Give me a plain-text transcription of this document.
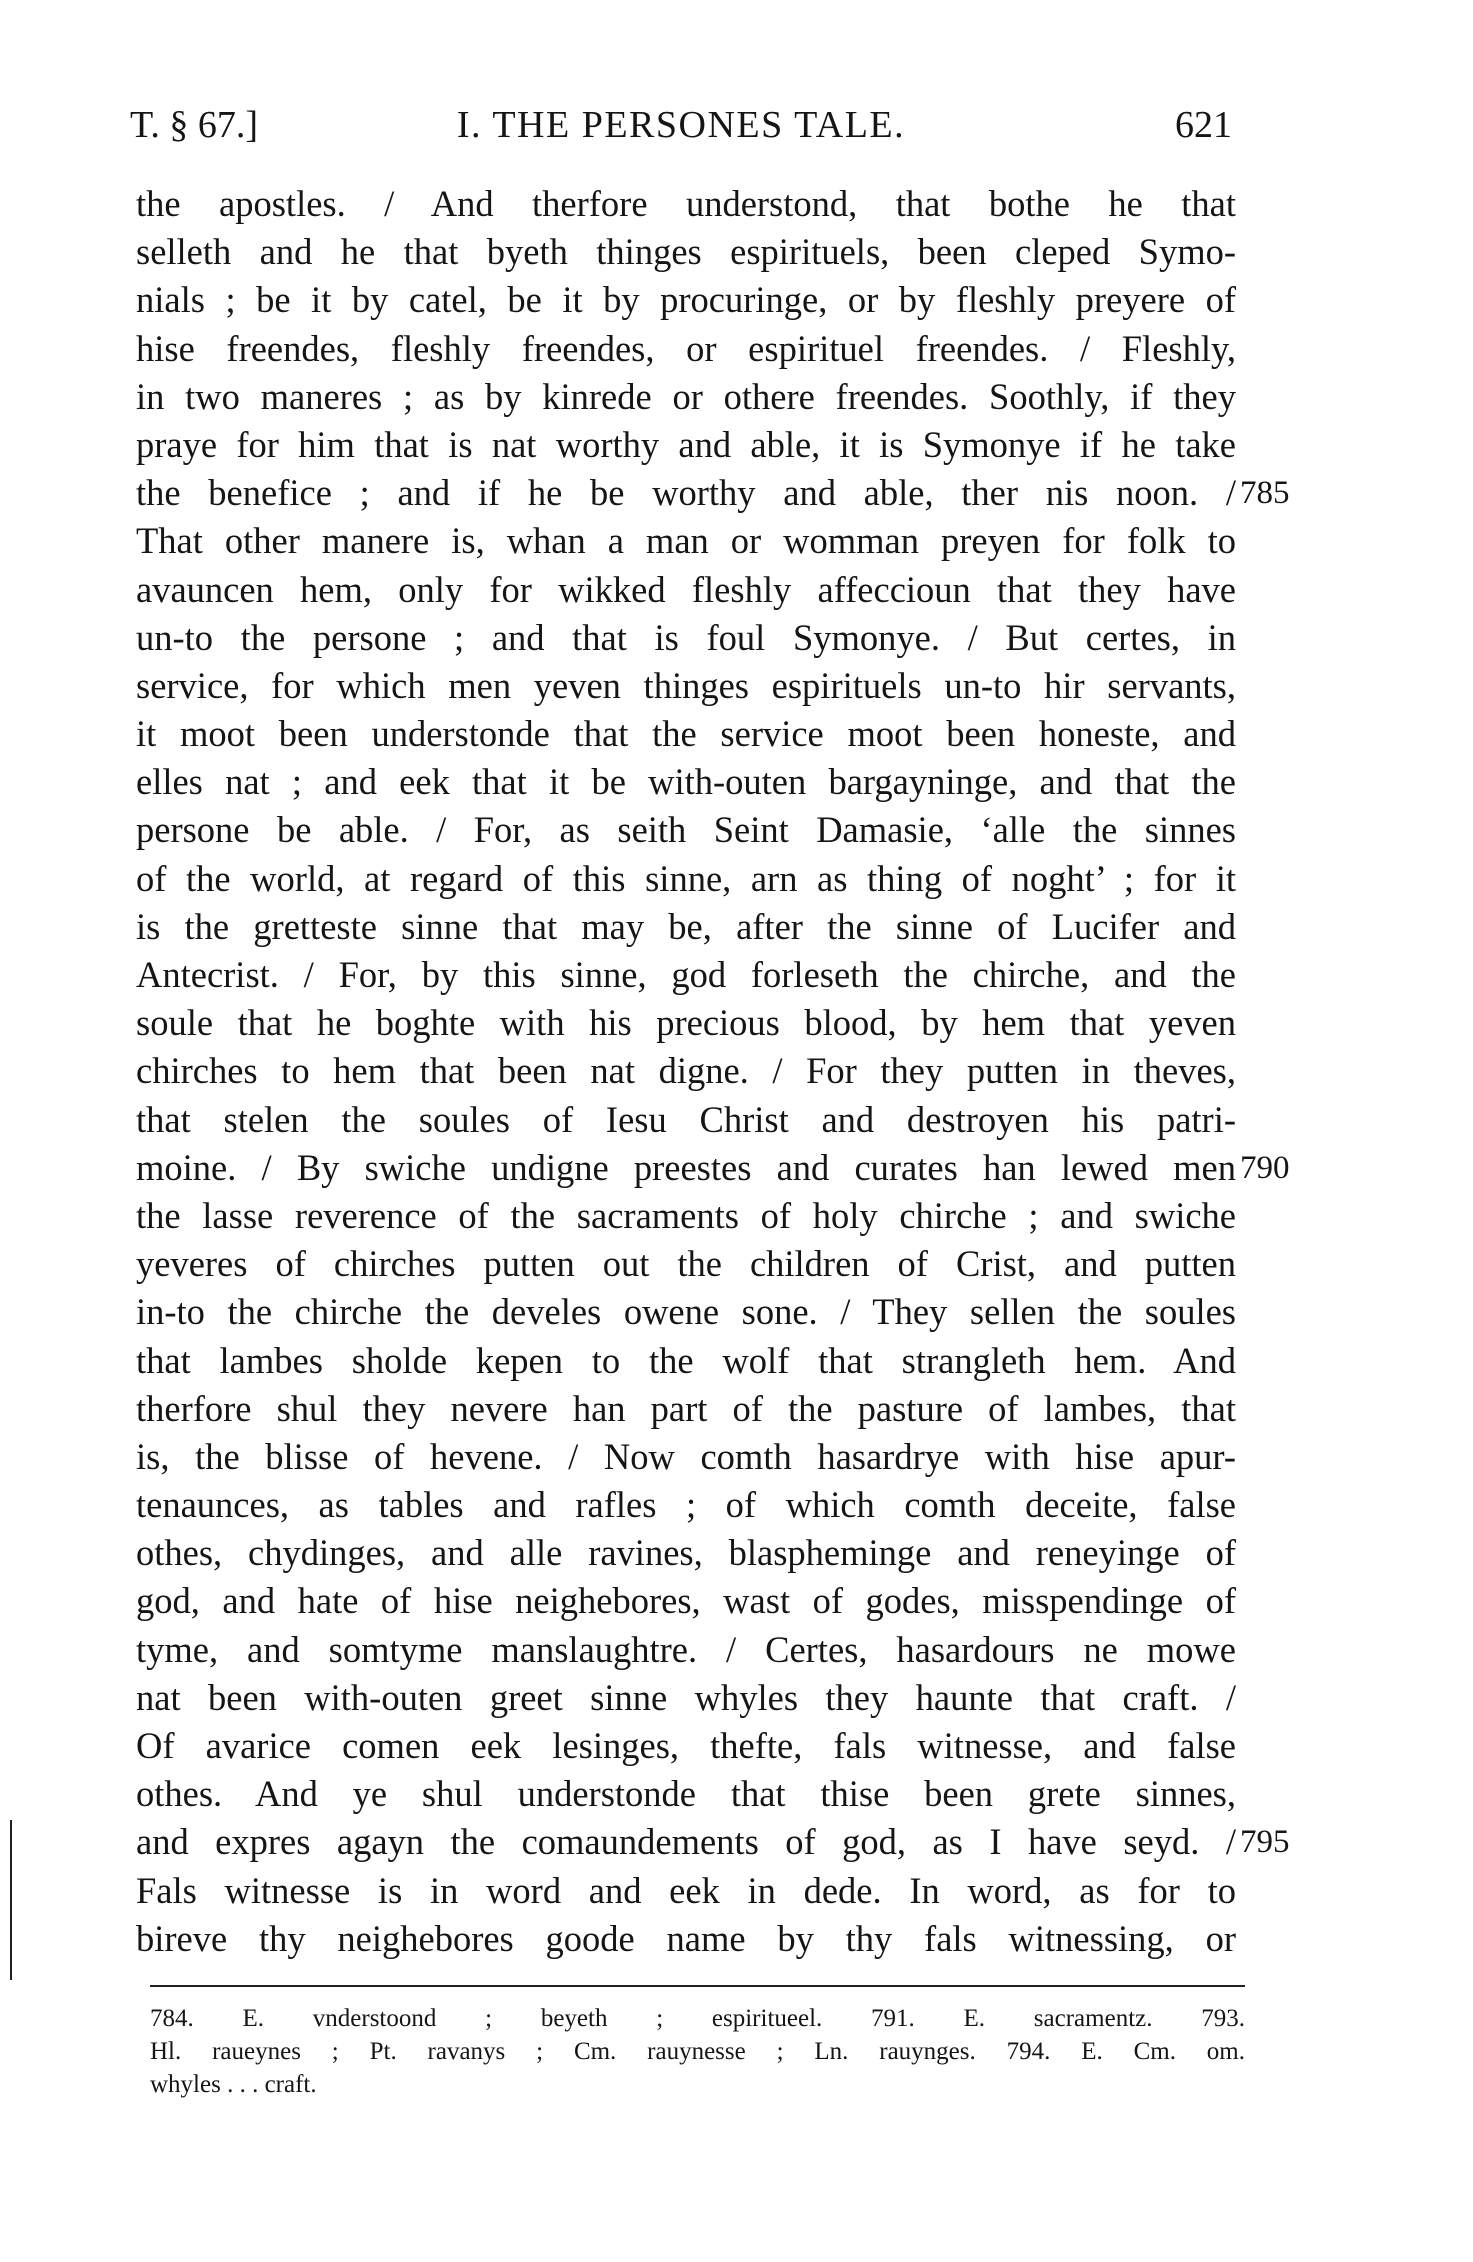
T. § 67.]	I. THE PERSONES TALE.	621
the apostles. / And therfore understond, that bothe he that
selleth and he that byeth thinges espirituels, been cleped Symo-
nials ; be it by catel, be it by procuringe, or by fleshly preyere of
hise freendes, fleshly freendes, or espirituel freendes. / Fleshly,
in two maneres ; as by kinrede or othere freendes. Soothly, if they
praye for him that is nat worthy and able, it is Symonye if he take
the benefice ; and if he be worthy and able, ther nis noon. / 785
That other manere is, whan a man or womman preyen for folk to
avauncen hem, only for wikked fleshly affeccioun that they have
un-to the persone ; and that is foul Symonye. / But certes, in
service, for which men yeven thinges espirituels un-to hir servants,
it moot been understonde that the service moot been honeste, and
elles nat ; and eek that it be with-outen bargayninge, and that the
persone be able. / For, as seith Seint Damasie, ‘alle the sinnes
of the world, at regard of this sinne, arn as thing of noght’ ; for it
is the gretteste sinne that may be, after the sinne of Lucifer and
Antecrist. / For, by this sinne, god forleseth the chirche, and the
soule that he boghte with his precious blood, by hem that yeven
chirches to hem that been nat digne. / For they putten in theves,
that stelen the soules of Iesu Christ and destroyen his patri-
moine. / By swiche undigne preestes and curates han lewed men 790
the lasse reverence of the sacraments of holy chirche ; and swiche
yeveres of chirches putten out the children of Crist, and putten
in-to the chirche the develes owene sone. / They sellen the soules
that lambes sholde kepen to the wolf that strangleth hem. And
therfore shul they nevere han part of the pasture of lambes, that
is, the blisse of hevene. / Now comth hasardrye with hise apur-
tenaunces, as tables and rafles ; of which comth deceite, false
othes, chydinges, and alle ravines, blaspheminge and reneyinge of
god, and hate of hise neighebores, wast of godes, misspendinge of
tyme, and somtyme manslaughtre. / Certes, hasardours ne mowe
nat been with-outen greet sinne whyles they haunte that craft. /
Of avarice comen eek lesinges, thefte, fals witnesse, and false
othes. And ye shul understonde that thise been grete sinnes,
and expres agayn the comaundements of god, as I have seyd. / 795
Fals witnesse is in word and eek in dede. In word, as for to
bireve thy neighebores goode name by thy fals witnessing, or
784. E. vnderstoond ; beyeth ; espiritueel. 791. E. sacramentz. 793.
Hl. raueynes ; Pt. ravanys ; Cm. rauynesse ; Ln. rauynges. 794. E. Cm. om.
whyles . . . craft.
